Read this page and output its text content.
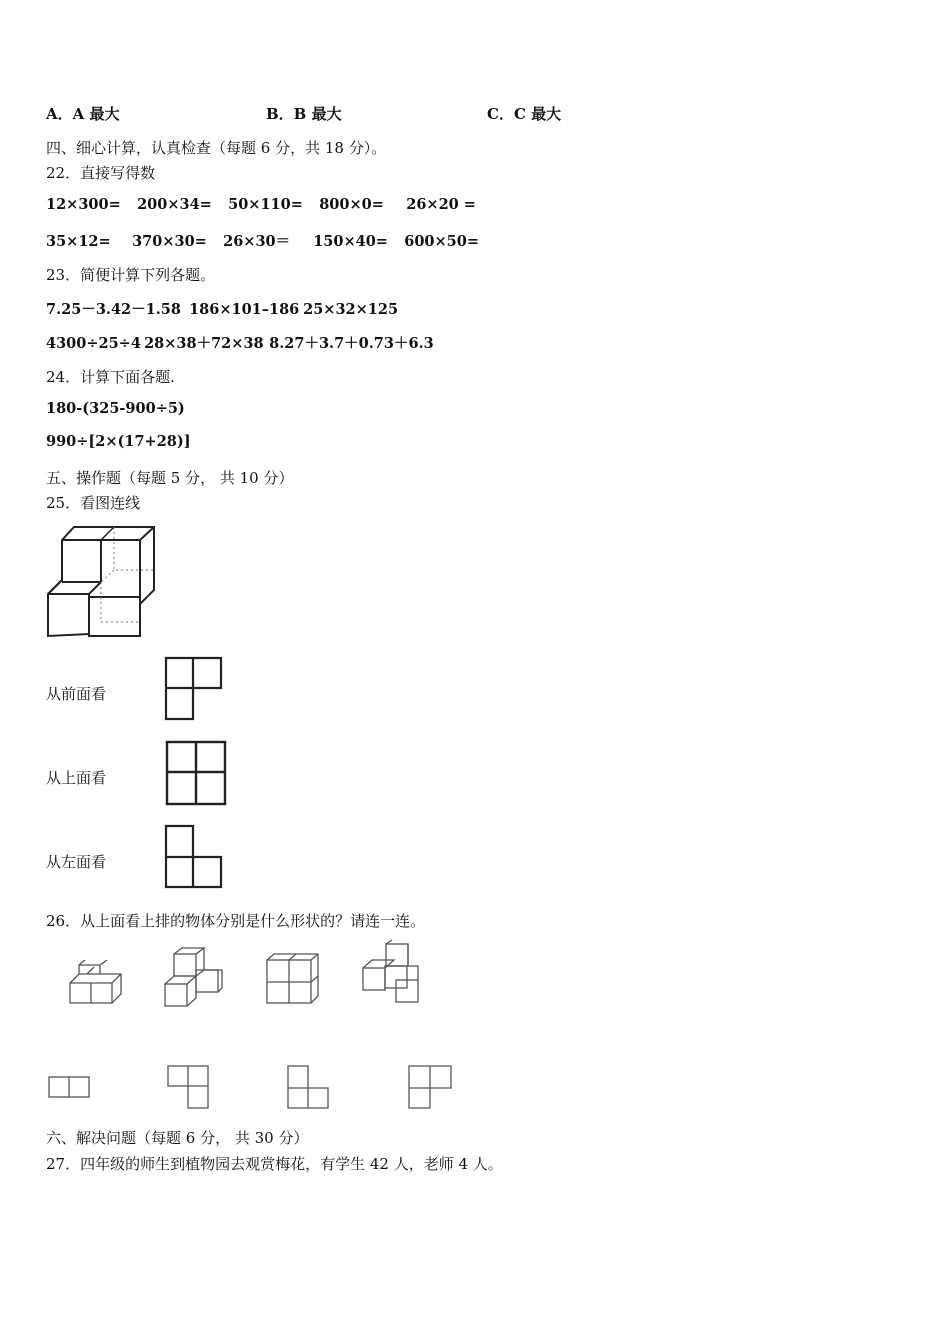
A．A 最大	B．B 最大	C．C 最大
四、细心计算，认真检查（每题 6 分，共 18 分）。
22．直接写得数
12×300= 200×34= 50×110= 800×0= 26×20 =
35×12= 370×30= 26×30＝ 150×40= 600×50=
23．简便计算下列各题。
7.25－3.42－1.58 186×101–186 25×32×125
4300÷25÷4 28×38＋72×38 8.27＋3.7＋0.73＋6.3
24．计算下面各题.
180-(325-900÷5)
990÷[2×(17+28)]
五、操作题（每题 5 分， 共 10 分）
25．看图连线
从前面看
从上面看
从左面看
26．从上面看上排的物体分别是什么形状的？请连一连。
六、解决问题（每题 6 分， 共 30 分）
27．四年级的师生到植物园去观赏梅花，有学生 42 人，老师 4 人。
